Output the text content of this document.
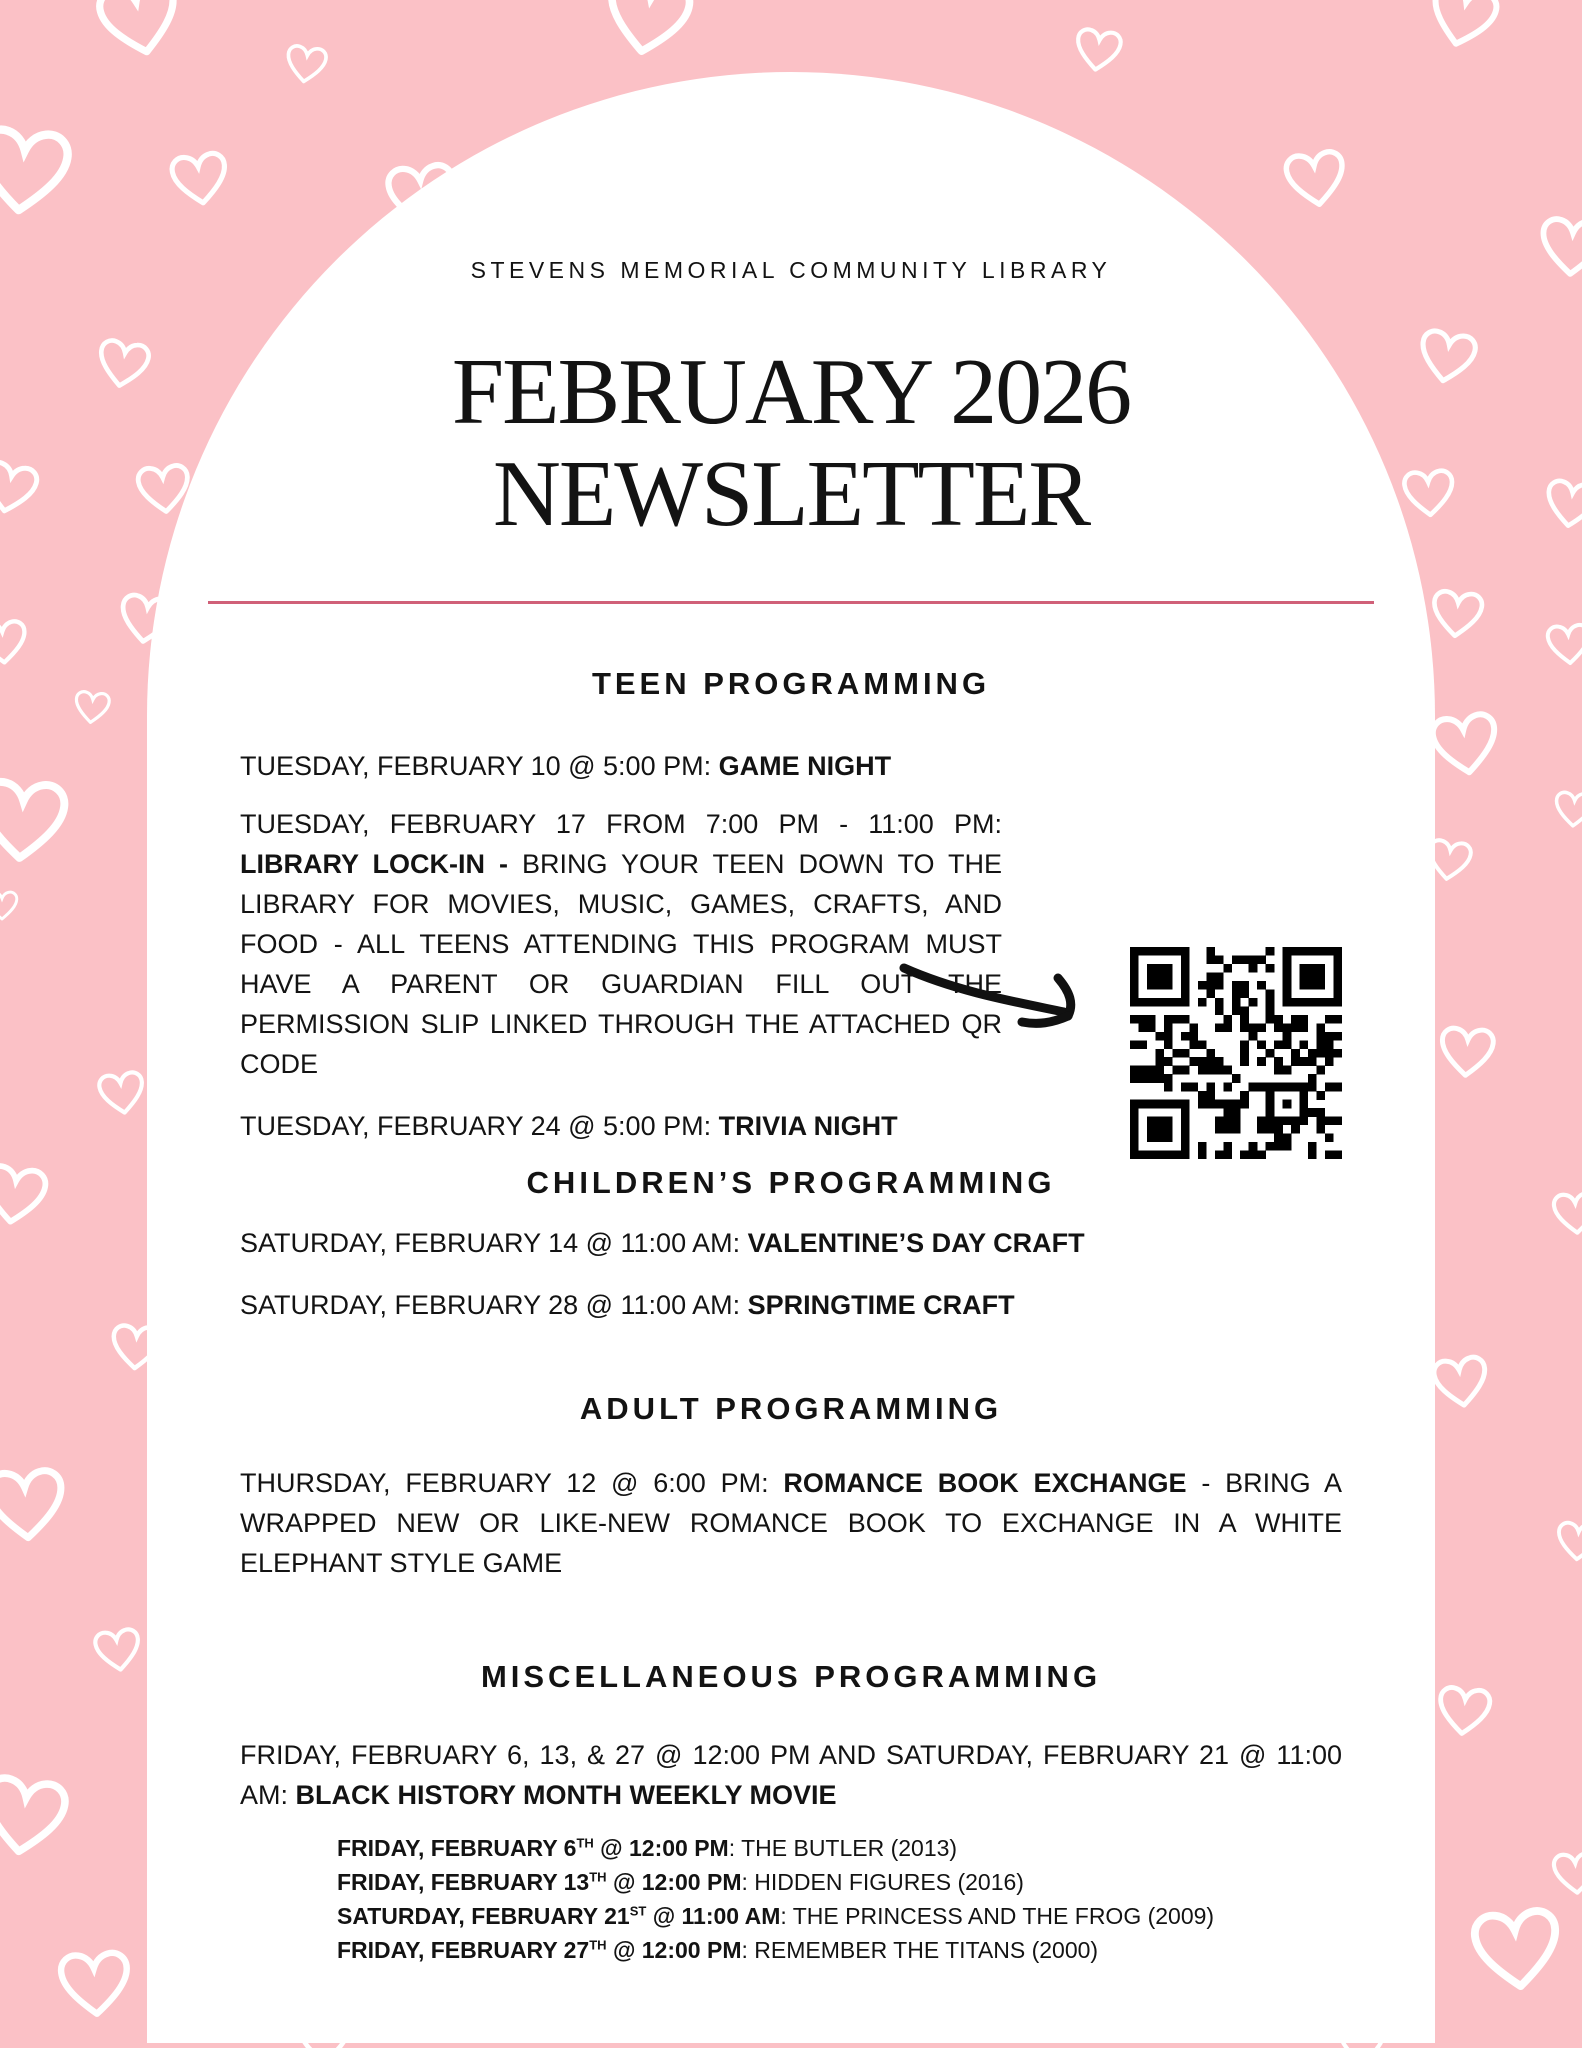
STEVENS MEMORIAL COMMUNITY LIBRARY
FEBRUARY 2026
NEWSLETTER
TEEN PROGRAMMING
TUESDAY, FEBRUARY 10 @ 5:00 PM: GAME NIGHT
TUESDAY, FEBRUARY 17 FROM 7:00 PM - 11:00 PM: LIBRARY LOCK-IN - BRING YOUR TEEN DOWN TO THE LIBRARY FOR MOVIES, MUSIC, GAMES, CRAFTS, AND FOOD - ALL TEENS ATTENDING THIS PROGRAM MUST HAVE A PARENT OR GUARDIAN FILL OUT THE PERMISSION SLIP LINKED THROUGH THE ATTACHED QR CODE
TUESDAY, FEBRUARY 24 @ 5:00 PM: TRIVIA NIGHT
CHILDREN’S PROGRAMMING
SATURDAY, FEBRUARY 14 @ 11:00 AM: VALENTINE’S DAY CRAFT
SATURDAY, FEBRUARY 28 @ 11:00 AM: SPRINGTIME CRAFT
ADULT PROGRAMMING
THURSDAY, FEBRUARY 12 @ 6:00 PM: ROMANCE BOOK EXCHANGE - BRING A WRAPPED NEW OR LIKE-NEW ROMANCE BOOK TO EXCHANGE IN A WHITE ELEPHANT STYLE GAME
MISCELLANEOUS PROGRAMMING
FRIDAY, FEBRUARY 6, 13, & 27 @ 12:00 PM AND SATURDAY, FEBRUARY 21 @ 11:00 AM: BLACK HISTORY MONTH WEEKLY MOVIE
FRIDAY, FEBRUARY 6TH @ 12:00 PM: THE BUTLER (2013)
FRIDAY, FEBRUARY 13TH @ 12:00 PM: HIDDEN FIGURES (2016)
SATURDAY, FEBRUARY 21ST @ 11:00 AM: THE PRINCESS AND THE FROG (2009)
FRIDAY, FEBRUARY 27TH @ 12:00 PM: REMEMBER THE TITANS (2000)
